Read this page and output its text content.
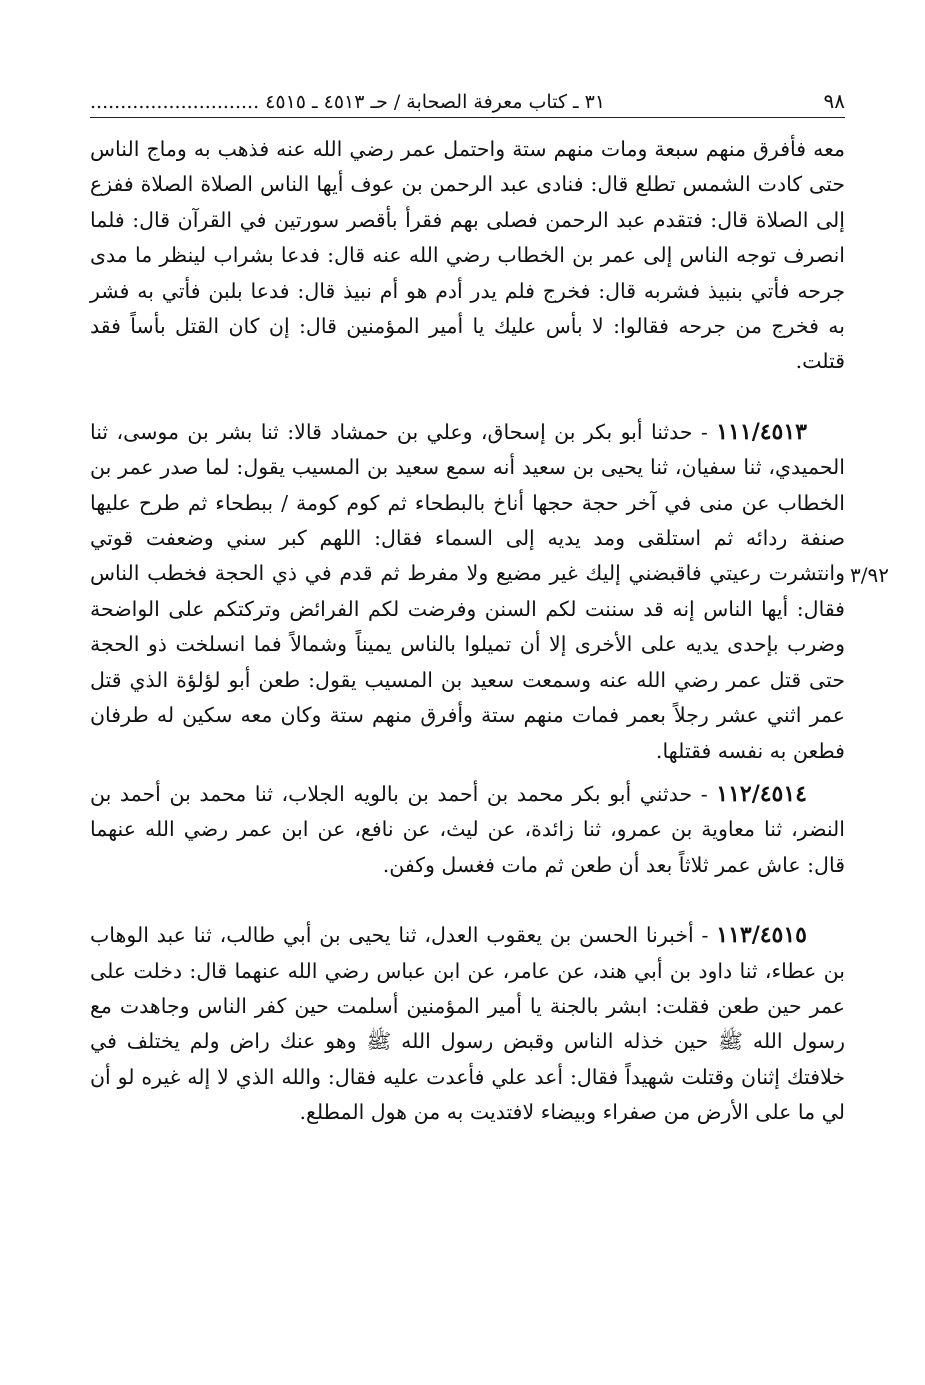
٩٨
٣١ ـ كتاب معرفة الصحابة / حـ ٤٥١٣ ـ ٤٥١٥ ............................
٣/٩٢

معه فأفرق منهم سبعة ومات منهم ستة واحتمل عمر رضي الله عنه فذهب به وماج الناس حتى كادت الشمس تطلع قال: فنادى عبد الرحمن بن عوف أيها الناس الصلاة الصلاة ففزع إلى الصلاة قال: فتقدم عبد الرحمن فصلى بهم فقرأ بأقصر سورتين في القرآن قال: فلما انصرف توجه الناس إلى عمر بن الخطاب رضي الله عنه قال: فدعا بشراب لينظر ما مدى جرحه فأتي بنبيذ فشربه قال: فخرج فلم يدر أدم هو أم نبيذ قال: فدعا بلبن فأتي به فشر به فخرج من جرحه فقالوا: لا بأس عليك يا أمير المؤمنين قال: إن كان القتل بأساً فقد قتلت.

١١١/٤٥١٣ - حدثنا أبو بكر بن إسحاق، وعلي بن حمشاد قالا: ثنا بشر بن موسى، ثنا الحميدي، ثنا سفيان، ثنا يحيى بن سعيد أنه سمع سعيد بن المسيب يقول: لما صدر عمر بن الخطاب عن منى في آخر حجة حجها أناخ بالبطحاء ثم كوم كومة / ببطحاء ثم طرح عليها صنفة ردائه ثم استلقى ومد يديه إلى السماء فقال: اللهم كبر سني وضعفت قوتي وانتشرت رعيتي فاقبضني إليك غير مضيع ولا مفرط ثم قدم في ذي الحجة فخطب الناس فقال: أيها الناس إنه قد سننت لكم السنن وفرضت لكم الفرائض وتركتكم على الواضحة وضرب بإحدى يديه على الأخرى إلا أن تميلوا بالناس يميناً وشمالاً فما انسلخت ذو الحجة حتى قتل عمر رضي الله عنه وسمعت سعيد بن المسيب يقول: طعن أبو لؤلؤة الذي قتل عمر اثني عشر رجلاً بعمر فمات منهم ستة وأفرق منهم ستة وكان معه سكين له طرفان فطعن به نفسه فقتلها.

١١٢/٤٥١٤ - حدثني أبو بكر محمد بن أحمد بن بالويه الجلاب، ثنا محمد بن أحمد بن النضر، ثنا معاوية بن عمرو، ثنا زائدة، عن ليث، عن نافع، عن ابن عمر رضي الله عنهما قال: عاش عمر ثلاثاً بعد أن طعن ثم مات فغسل وكفن.

١١٣/٤٥١٥ - أخبرنا الحسن بن يعقوب العدل، ثنا يحيى بن أبي طالب، ثنا عبد الوهاب بن عطاء، ثنا داود بن أبي هند، عن عامر، عن ابن عباس رضي الله عنهما قال: دخلت على عمر حين طعن فقلت: ابشر بالجنة يا أمير المؤمنين أسلمت حين كفر الناس وجاهدت مع رسول الله ﷺ حين خذله الناس وقبض رسول الله ﷺ وهو عنك راض ولم يختلف في خلافتك إثنان وقتلت شهيداً فقال: أعد علي فأعدت عليه فقال: والله الذي لا إله غيره لو أن لي ما على الأرض من صفراء وبيضاء لافتديت به من هول المطلع.
